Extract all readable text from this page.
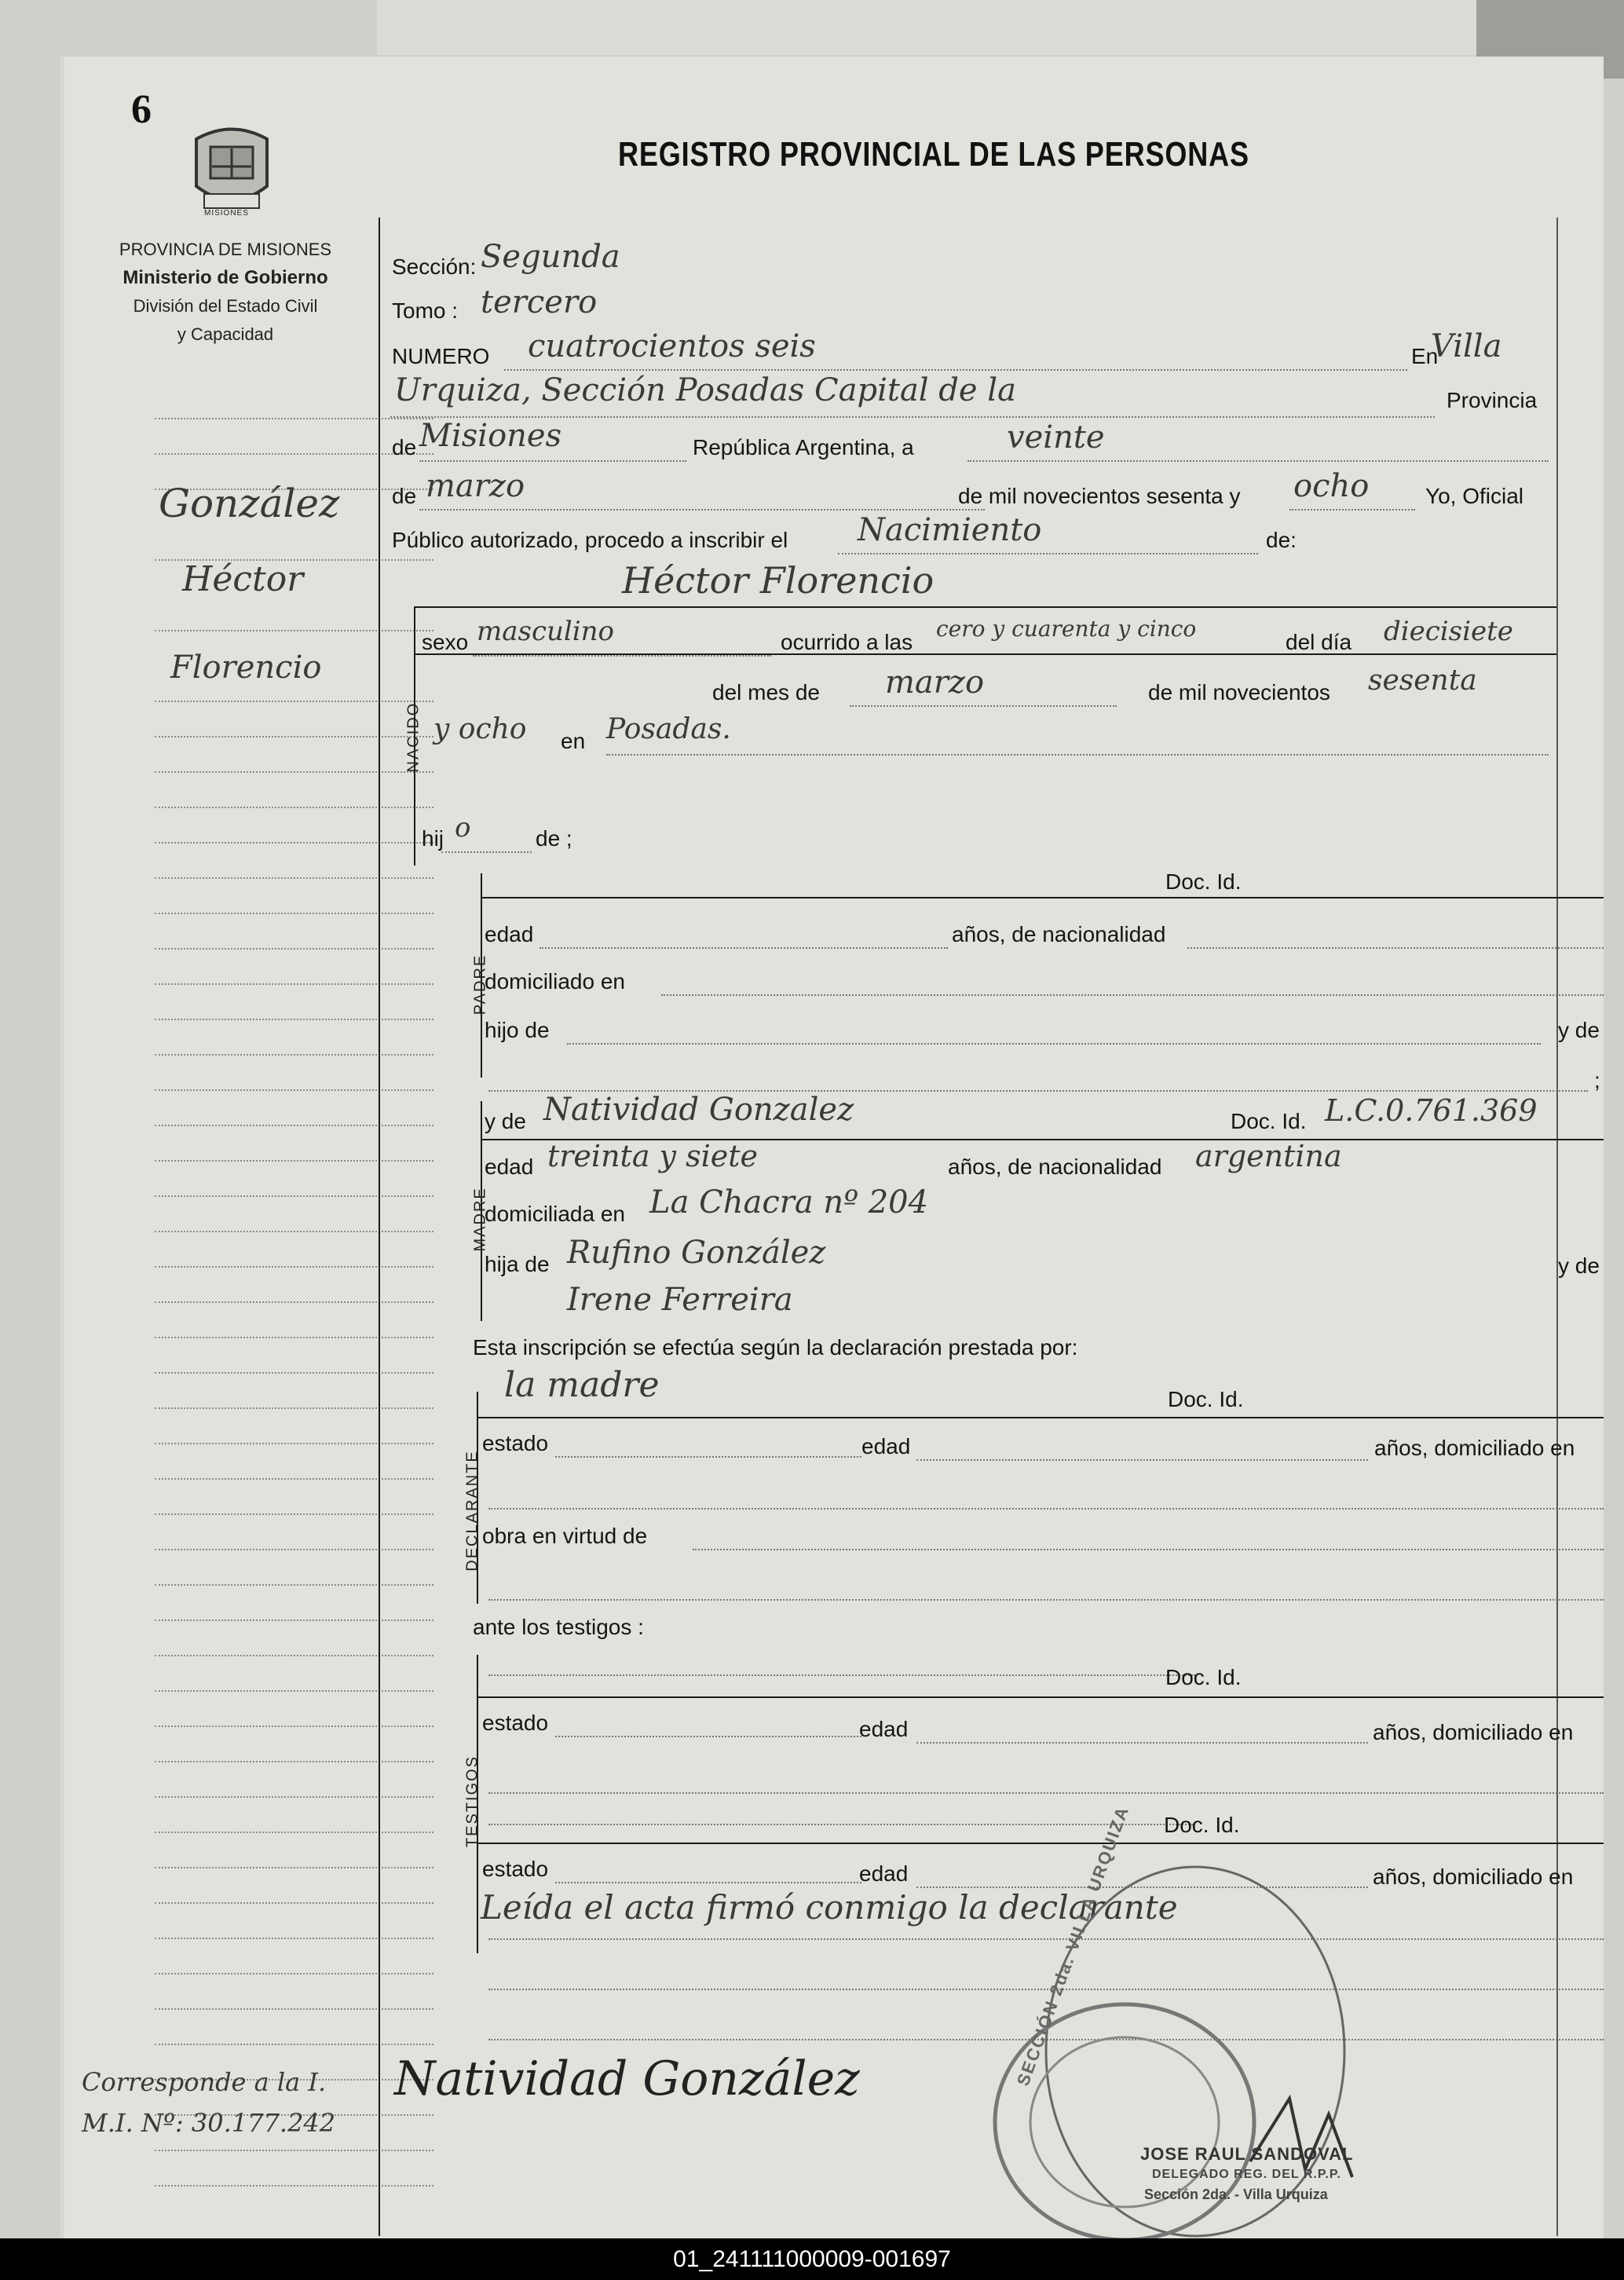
6
MISIONES
PROVINCIA DE MISIONES
Ministerio de Gobierno
División del Estado Civil
y Capacidad
REGISTRO PROVINCIAL DE LAS PERSONAS
González
Héctor
Florencio
Corresponde a la I.
M.I. Nº: 30.177.242
Sección: Segunda
Tomo : tercero
NUMERO cuatrocientos seis	En
Villa
Urquiza, Sección Posadas Capital de la	Provincia
de Misiones	República Argentina, a	veinte
de marzo	de mil novecientos sesenta y ocho	Yo, Oficial
Público autorizado, procedo a inscribir el Nacimiento	de:
Héctor Florencio
NACIDO
sexo masculino	ocurrido a las
cero y cuarenta y cinco
del día diecisiete
del mes de marzo	de mil novecientos sesenta
y ocho en Posadas.
hij o	de ;
Doc. Id.
PADRE
edad	años, de nacionalidad
domiciliado en
hijo de	y de
;
MADRE
y de Natividad Gonzalez	Doc. Id. L.C.0.761.369
edad treinta y siete	años, de nacionalidad argentina
domiciliada en La Chacra nº 204
hija de Rufino González	y de
Irene Ferreira
Esta inscripción se efectúa según la declaración prestada por:
la madre	Doc. Id.
DECLARANTE
estado	edad	años, domiciliado en
obra en virtud de
ante los testigos :
TESTIGOS
Doc. Id.
estado	edad	años, domiciliado en
Doc. Id.
estado	edad	años, domiciliado en
Leída el acta firmó conmigo la declarante
SECCIÓN 2da. VILLA URQUIZA
Natividad González
JOSE RAUL SANDOVAL
DELEGADO REG. DEL R.P.P.
Sección 2da. - Villa Urquiza
01_241111000009-001697
